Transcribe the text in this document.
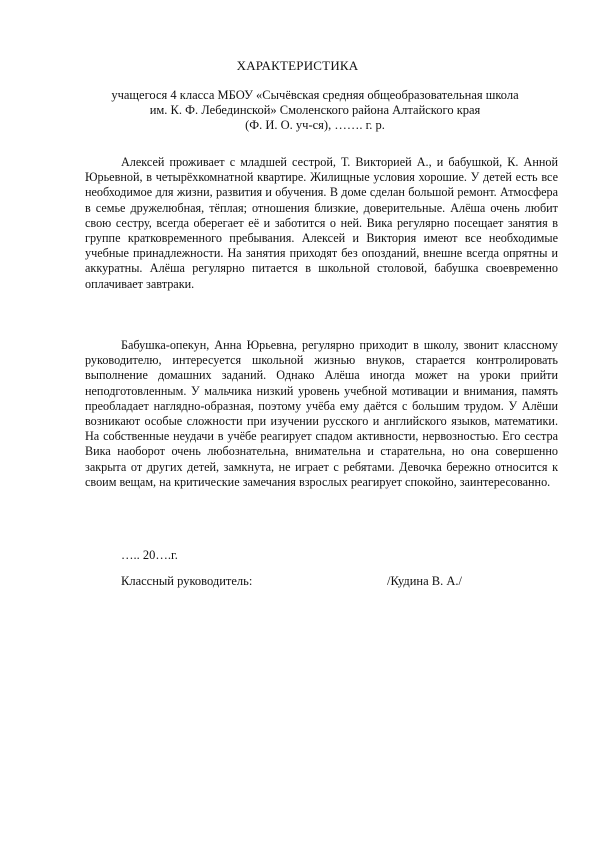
ХАРАКТЕРИСТИКА
учащегося 4 класса МБОУ «Сычёвская средняя общеобразовательная школа
им. К. Ф. Лебединской» Смоленского района Алтайского края
(Ф. И. О. уч-ся), ……. г. р.
Алексей проживает с младшей сестрой, Т. Викторией А., и бабушкой, К. Анной Юрьевной, в четырёхкомнатной квартире. Жилищные условия хорошие. У детей есть все необходимое для жизни, развития и обучения. В доме сделан большой ремонт. Атмосфера в семье дружелюбная, тёплая; отношения близкие, доверительные. Алёша очень любит свою сестру, всегда оберегает её и заботится о ней. Вика регулярно посещает занятия в группе кратковременного пребывания. Алексей и Виктория имеют все необходимые учебные принадлежности. На занятия приходят без опозданий, внешне всегда опрятны и аккуратны. Алёша регулярно питается в школьной столовой, бабушка своевременно оплачивает завтраки.
Бабушка-опекун, Анна Юрьевна, регулярно приходит в школу, звонит классному руководителю, интересуется школьной жизнью внуков, старается контролировать выполнение домашних заданий. Однако Алёша иногда может на уроки прийти неподготовленным. У мальчика низкий уровень учебной мотивации и внимания, память преобладает наглядно-образная, поэтому учёба ему даётся с большим трудом. У Алёши возникают особые сложности при изучении русского и английского языков, математики. На собственные неудачи в учёбе реагирует спадом активности, нервозностью. Его сестра Вика наоборот очень любознательна, внимательна и старательна, но она совершенно закрыта от других детей, замкнута, не играет с ребятами. Девочка бережно относится к своим вещам, на критические замечания взрослых реагирует спокойно, заинтересованно.
….. 20….г.
Классный руководитель:	/Кудина В. А./
